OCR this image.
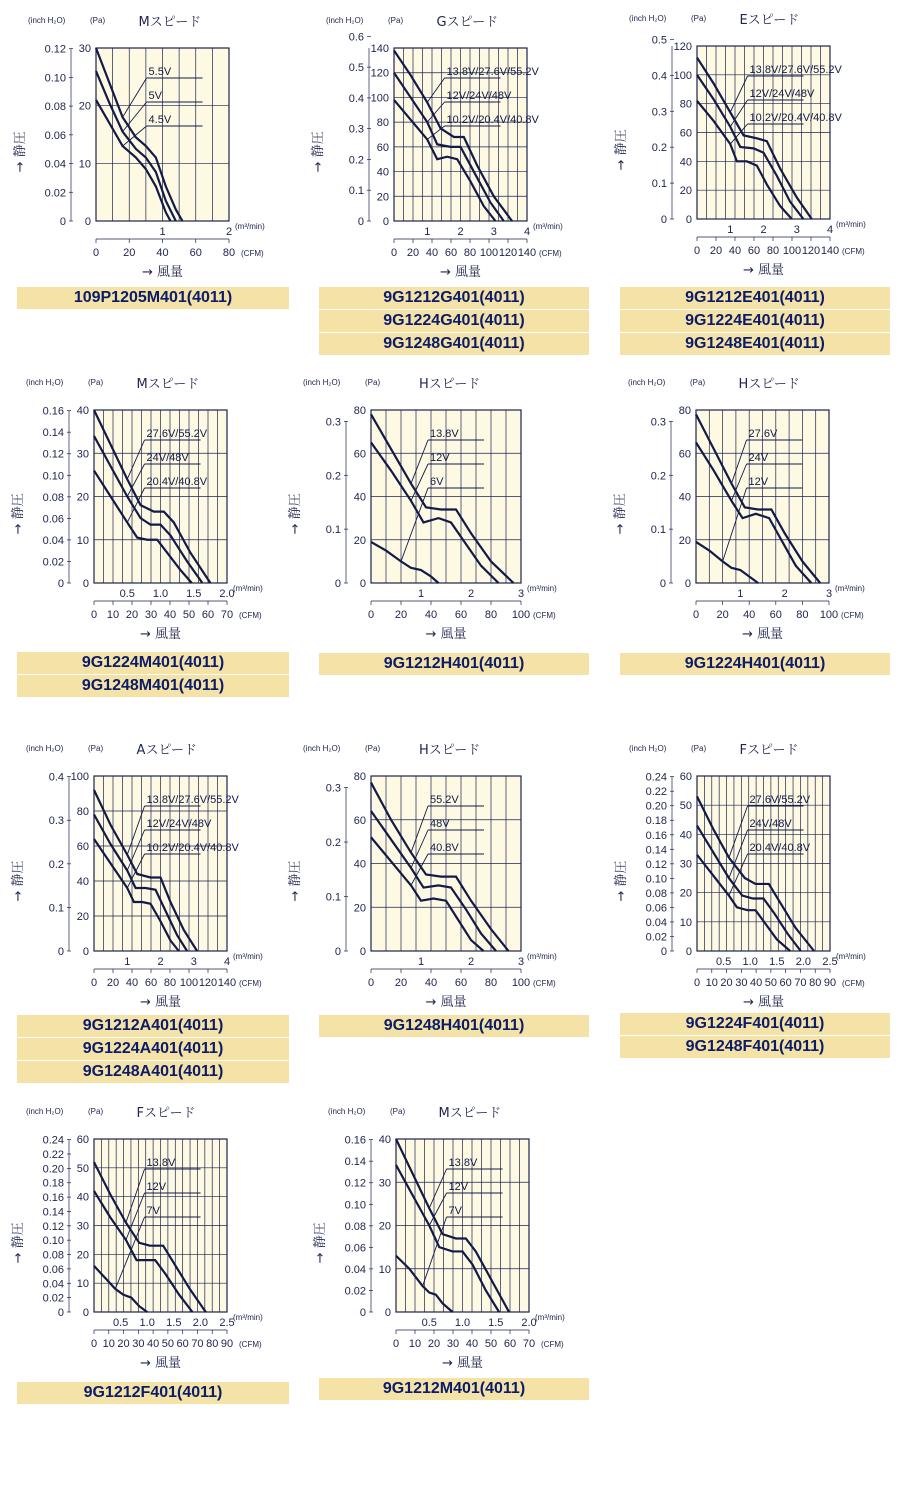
Mスピード
(inch H₂O)	(Pa)
0
10
20
30
0
0.02
0.04
0.06
0.08
0.10
0.12
→ 静圧
1	2 (m³/min)
0 20 40 60 80 (CFM)
→ 風量
5.5V
5V
4.5V
Gスピード
(inch H₂O)	(Pa)
0
20
40
60
80
100
120
140
0
0.1
0.2
0.3
0.4
0.5
0.6
→ 静圧
1 2 3 4 (m³/min)
0 20 40 60 80 100 120 140 (CFM)
→ 風量
13.8V/27.6V/55.2V
12V/24V/48V
10.2V/20.4V/40.8V
Eスピード
(inch H₂O)	(Pa)
0
20
40
60
80
100
120
0
0.1
0.2
0.3
0.4
0.5
→ 静圧
1 2 3 4 (m³/min)
0 20 40 60 80 100 120 140 (CFM)
→ 風量
13.8V/27.6V/55.2V
12V/24V/48V
10.2V/20.4V/40.8V
Mスピード
(inch H₂O)	(Pa)
0
10
20
30
40
0
0.02
0.04
0.06
0.08
0.10
0.12
0.14
0.16
→ 静圧
0.5 1.0 1.5 2.0
(m³/min)
0 10 20 30 40 50 60 70 (CFM)
→ 風量
27.6V/55.2V
24V/48V
20.4V/40.8V
Hスピード
(inch H₂O)	(Pa)
0
20
40
60
80
0
0.1
0.2
0.3
→ 静圧
1	2	3 (m³/min)
0 20 40 60 80 100 (CFM)
→ 風量
13.8V
12V
6V
Hスピード
(inch H₂O)	(Pa)
0
20
40
60
80
0
0.1
0.2
0.3
→ 静圧
1	2	3 (m³/min)
0 20 40 60 80 100 (CFM)
→ 風量
27.6V
24V
12V
Aスピード
(inch H₂O)	(Pa)
0
20
40
60
80
100
0
0.1
0.2
0.3
0.4
→ 静圧
1 2 3 4 (m³/min)
0 20 40 60 80 100 120 140 (CFM)
→ 風量
13.8V/27.6V/55.2V
12V/24V/48V
10.2V/20.4V/40.8V
Hスピード
(inch H₂O)	(Pa)
0
20
40
60
80
0
0.1
0.2
0.3
→ 静圧
1	2	3 (m³/min)
0 20 40 60 80 100 (CFM)
→ 風量
55.2V
48V
40.8V
Fスピード
(inch H₂O)	(Pa)
0
10
20
30
40
50
60
0
0.02
0.04
0.06
0.08
0.10
0.12
0.14
0.16
0.18
0.20
0.22
0.24
→ 静圧
0.5 1.0 1.5 2.0 2.5
(m³/min)
0 10 20 30 40 50 60 70 80 90 (CFM)
→ 風量
27.6V/55.2V
24V/48V
20.4V/40.8V
Fスピード
(inch H₂O)	(Pa)
0
10
20
30
40
50
60
0
0.02
0.04
0.06
0.08
0.10
0.12
0.14
0.16
0.18
0.20
0.22
0.24
→ 静圧
0.5 1.0 1.5 2.0 2.5
(m³/min)
0 10 20 30 40 50 60 70 80 90 (CFM)
→ 風量
13.8V
12V
7V
Mスピード
(inch H₂O)	(Pa)
0
10
20
30
40
0
0.02
0.04
0.06
0.08
0.10
0.12
0.14
0.16
→ 静圧
0.5 1.0 1.5 2.0
(m³/min)
0 10 20 30 40 50 60 70 (CFM)
→ 風量
13.8V
12V
7V
109P1205M401(4011)	9G1212G401(4011)
9G1224G401(4011)
9G1248G401(4011)
9G1212E401(4011)
9G1224E401(4011)
9G1248E401(4011)
9G1224M401(4011)
9G1248M401(4011)
9G1212H401(4011)	9G1224H401(4011)
9G1212A401(4011)
9G1224A401(4011)
9G1248A401(4011)
9G1248H401(4011)	9G1224F401(4011)
9G1248F401(4011)
9G1212F401(4011)	9G1212M401(4011)
